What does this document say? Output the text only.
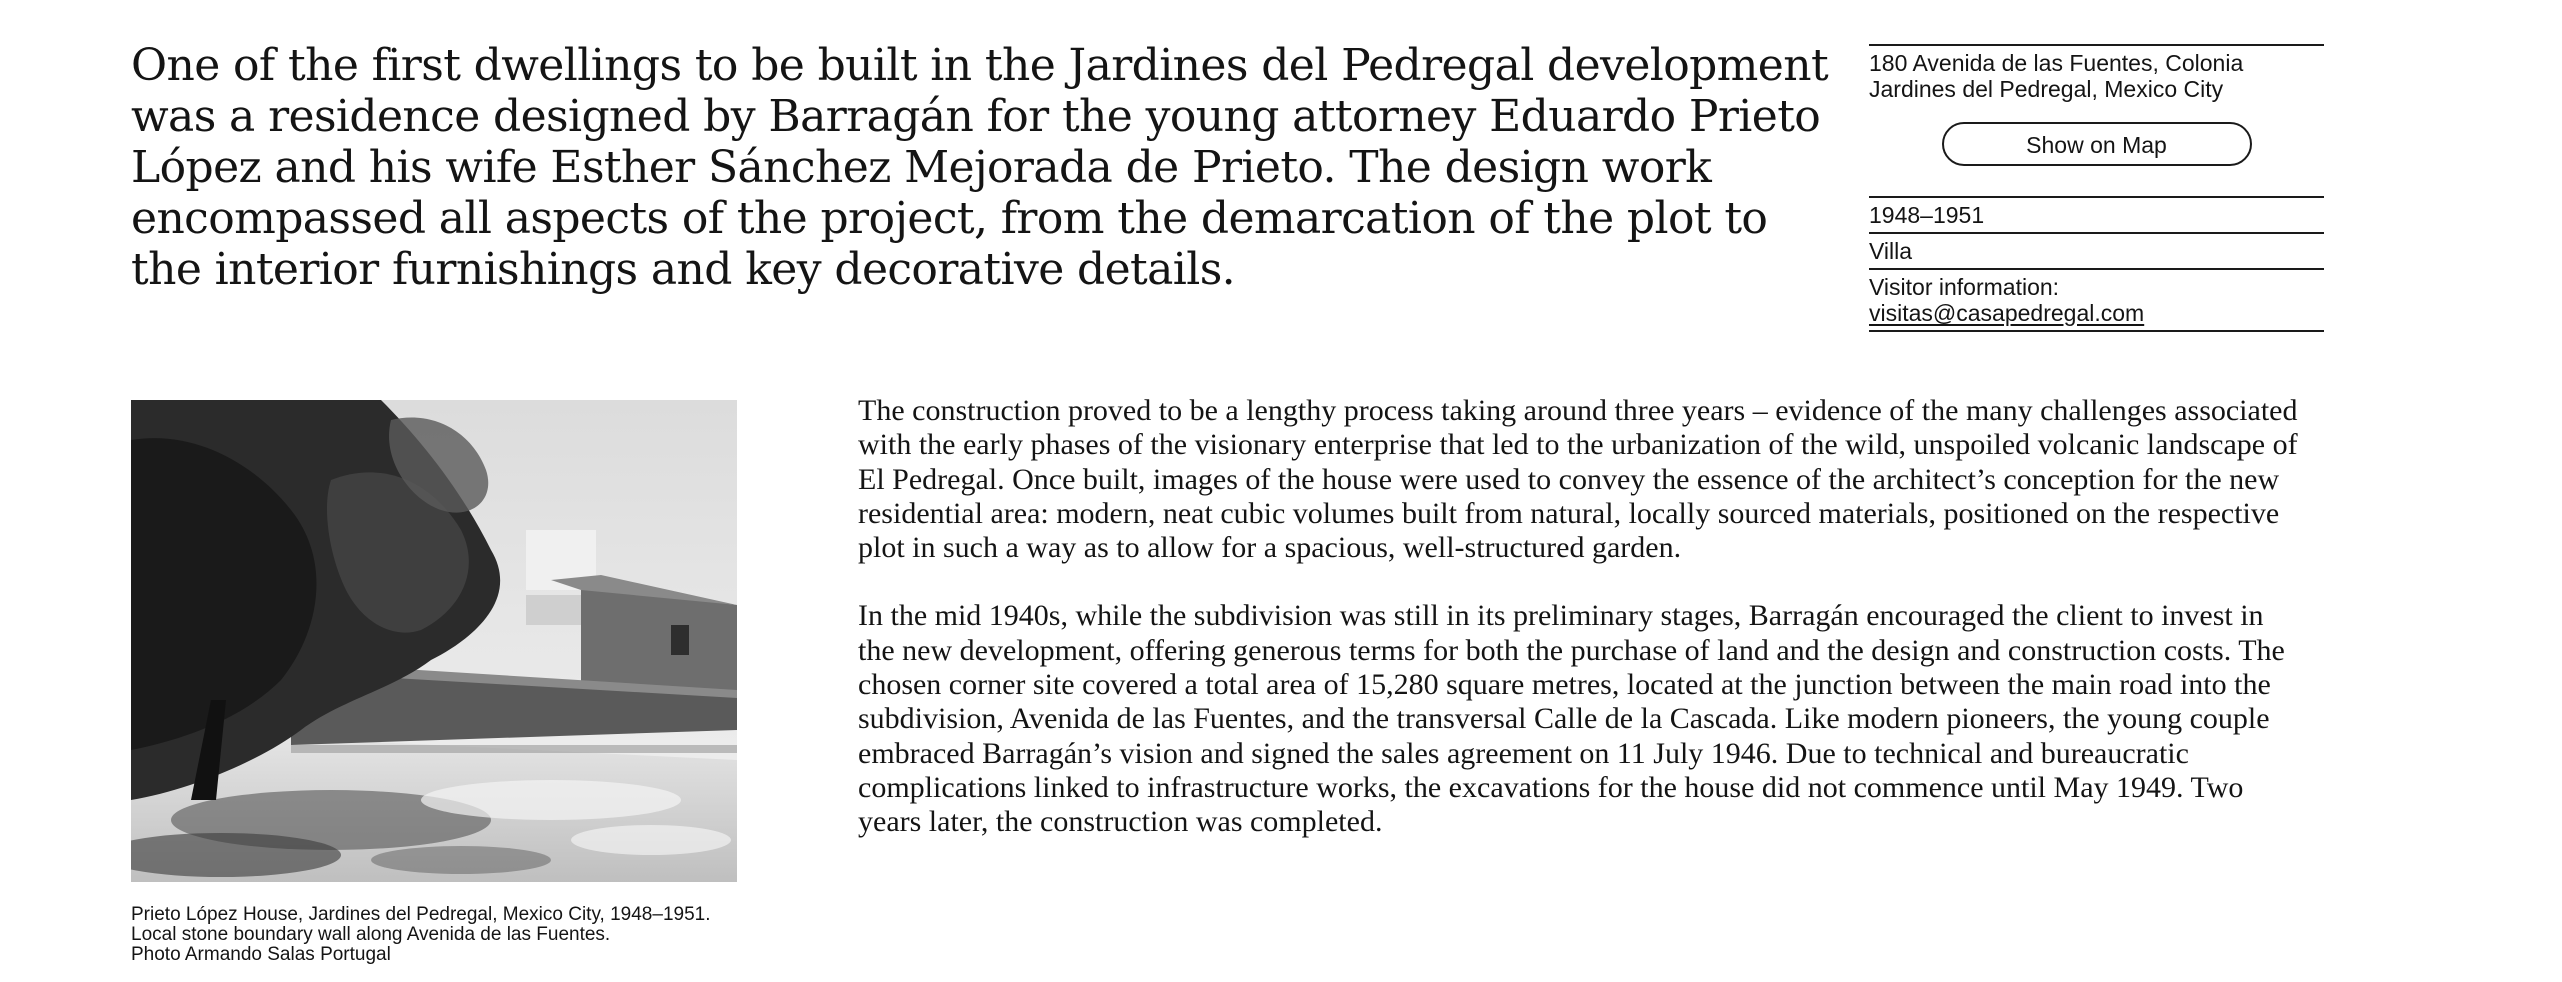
One of the first dwellings to be built in the Jardines del Pedregal development was a residence designed by Barragán for the young attorney Eduardo Prieto López and his wife Esther Sánchez Mejorada de Prieto. The design work encompassed all aspects of the project, from the demarcation of the plot to the interior furnishings and key decorative details.
180 Avenida de las Fuentes, Colonia Jardines del Pedregal, Mexico City
Show on Map
1948–1951
Villa
Visitor information:
visitas@casapedregal.com

Prieto López House, Jardines del Pedregal, Mexico City, 1948–1951.
Local stone boundary wall along Avenida de las Fuentes.
Photo Armando Salas Portugal

The construction proved to be a lengthy process taking around three years – evidence of the many challenges associated with the early phases of the visionary enterprise that led to the urbanization of the wild, unspoiled volcanic landscape of El Pedregal. Once built, images of the house were used to convey the essence of the architect’s conception for the new residential area: modern, neat cubic volumes built from natural, locally sourced materials, positioned on the respective plot in such a way as to allow for a spacious, well-structured garden.

In the mid 1940s, while the subdivision was still in its preliminary stages, Barragán encouraged the client to invest in the new development, offering generous terms for both the purchase of land and the design and construction costs. The chosen corner site covered a total area of 15,280 square metres, located at the junction between the main road into the subdivision, Avenida de las Fuentes, and the transversal Calle de la Cascada. Like modern pioneers, the young couple embraced Barragán’s vision and signed the sales agreement on 11 July 1946. Due to technical and bureaucratic complications linked to infrastructure works, the excavations for the house did not commence until May 1949. Two years later, the construction was completed.
